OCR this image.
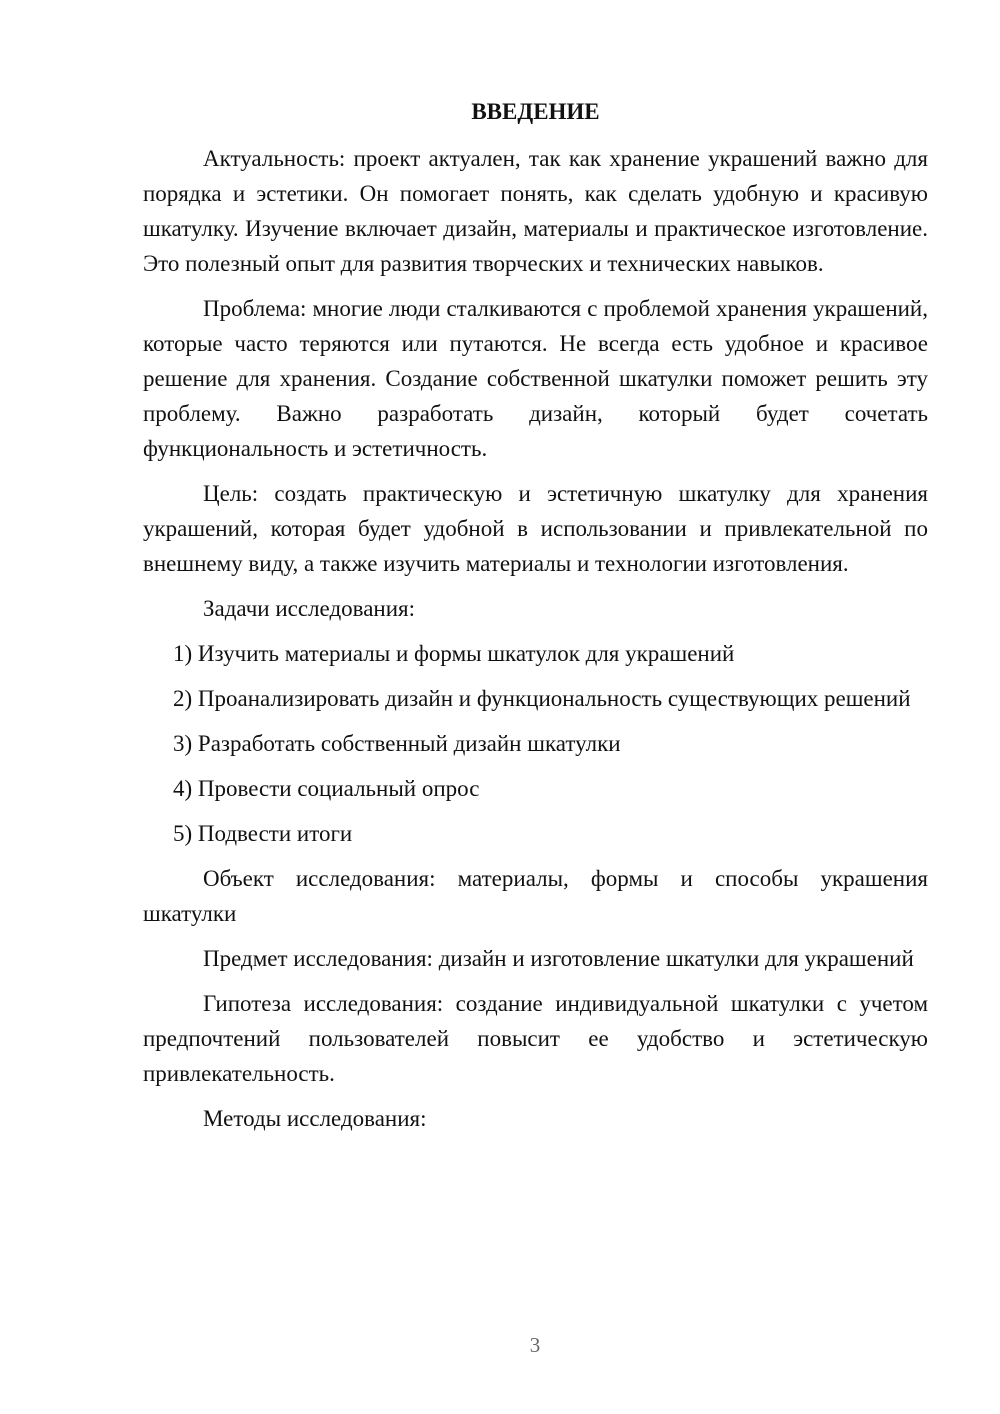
ВВЕДЕНИЕ

Актуальность: проект актуален, так как хранение украшений важно для порядка и эстетики. Он помогает понять, как сделать удобную и красивую шкатулку. Изучение включает дизайн, материалы и практическое изготовление. Это полезный опыт для развития творческих и технических навыков.

Проблема: многие люди сталкиваются с проблемой хранения украшений, которые часто теряются или путаются. Не всегда есть удобное и красивое решение для хранения. Создание собственной шкатулки поможет решить эту проблему. Важно разработать дизайн, который будет сочетать функциональность и эстетичность.

Цель: создать практическую и эстетичную шкатулку для хранения украшений, которая будет удобной в использовании и привлекательной по внешнему виду, а также изучить материалы и технологии изготовления.

Задачи исследования:

1) Изучить материалы и формы шкатулок для украшений

2) Проанализировать дизайн и функциональность существующих решений

3) Разработать собственный дизайн шкатулки

4) Провести социальный опрос

5) Подвести итоги

Объект исследования: материалы, формы и способы украшения шкатулки

Предмет исследования: дизайн и изготовление шкатулки для украшений

Гипотеза исследования: создание индивидуальной шкатулки с учетом предпочтений пользователей повысит ее удобство и эстетическую привлекательность.

Методы исследования:

3
